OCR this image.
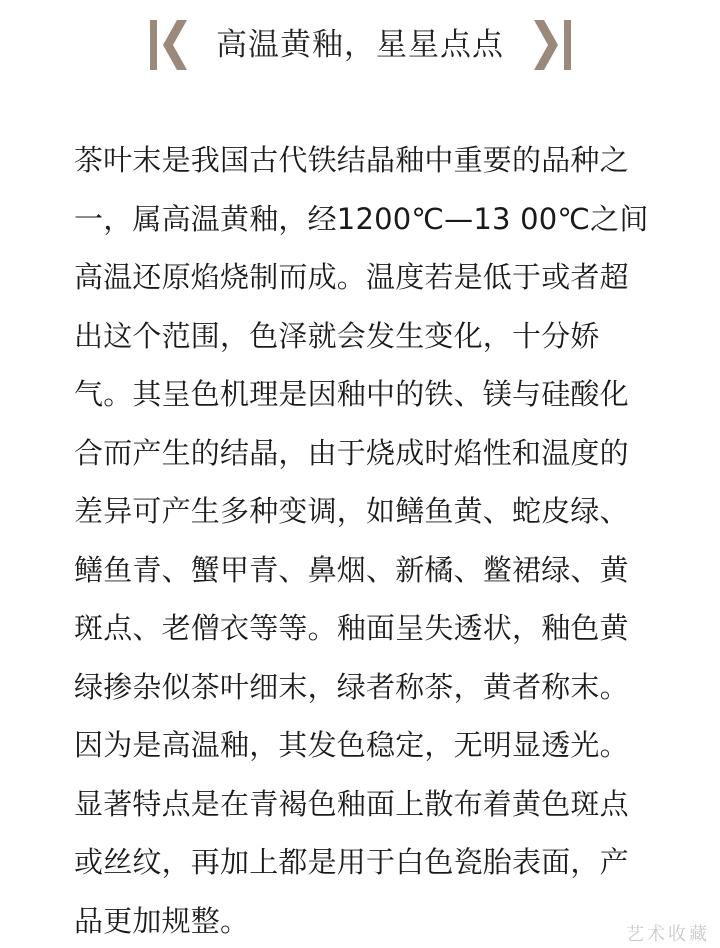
高温黄釉，星星点点
茶叶末是我国古代铁结晶釉中重要的品种之
一，属高温黄釉，经1200℃—13 00℃之间
高温还原焰烧制而成。温度若是低于或者超
出这个范围，色泽就会发生变化，十分娇
气。其呈色机理是因釉中的铁、镁与硅酸化
合而产生的结晶，由于烧成时焰性和温度的
差异可产生多种变调，如鳝鱼黄、蛇皮绿、
鳝鱼青、蟹甲青、鼻烟、新橘、鳖裙绿、黄
斑点、老僧衣等等。釉面呈失透状，釉色黄
绿掺杂似茶叶细末，绿者称茶，黄者称末。
因为是高温釉，其发色稳定，无明显透光。
显著特点是在青褐色釉面上散布着黄色斑点
或丝纹，再加上都是用于白色瓷胎表面，产
品更加规整。	艺术收藏
